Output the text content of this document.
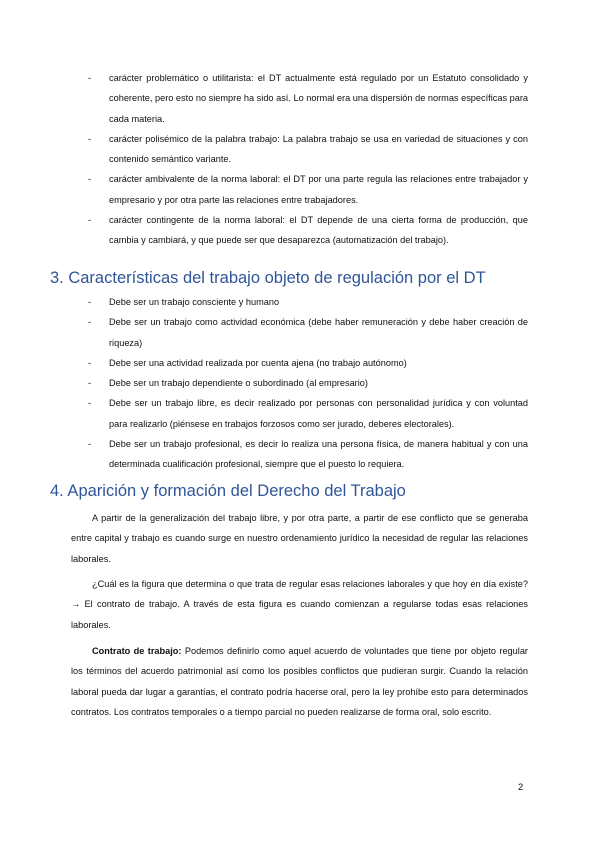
- carácter problemático o utilitarista: el DT actualmente está regulado por un Estatuto consolidado y coherente, pero esto no siempre ha sido así. Lo normal era una dispersión de normas específicas para cada materia.
- carácter polisémico de la palabra trabajo: La palabra trabajo se usa en variedad de situaciones y con contenido semántico variante.
- carácter ambivalente de la norma laboral: el DT por una parte regula las relaciones entre trabajador y empresario y por otra parte las relaciones entre trabajadores.
- carácter contingente de la norma laboral: el DT depende de una cierta forma de producción, que cambia y cambiará, y que puede ser que desaparezca (automatización del trabajo).
3. Características del trabajo objeto de regulación por el DT
- Debe ser un trabajo consciente y humano
- Debe ser un trabajo como actividad económica (debe haber remuneración y debe haber creación de riqueza)
- Debe ser una actividad realizada por cuenta ajena (no trabajo autónomo)
- Debe ser un trabajo dependiente o subordinado (al empresario)
- Debe ser un trabajo libre, es decir realizado por personas con personalidad jurídica y con voluntad para realizarlo (piénsese en trabajos forzosos como ser jurado, deberes electorales).
- Debe ser un trabajo profesional, es decir lo realiza una persona física, de manera habitual y con una determinada cualificación profesional, siempre que el puesto lo requiera.
4. Aparición y formación del Derecho del Trabajo

A partir de la generalización del trabajo libre, y por otra parte, a partir de ese conflicto que se generaba entre capital y trabajo es cuando surge en nuestro ordenamiento jurídico la necesidad de regular las relaciones laborales.

¿Cuál es la figura que determina o que trata de regular esas relaciones laborales y que hoy en día existe? → El contrato de trabajo. A través de esta figura es cuando comienzan a regularse todas esas relaciones laborales.

Contrato de trabajo: Podemos definirlo como aquel acuerdo de voluntades que tiene por objeto regular los términos del acuerdo patrimonial así como los posibles conflictos que pudieran surgir. Cuando la relación laboral pueda dar lugar a garantías, el contrato podría hacerse oral, pero la ley prohíbe esto para determinados contratos. Los contratos temporales o a tiempo parcial no pueden realizarse de forma oral, solo escrito.

2
